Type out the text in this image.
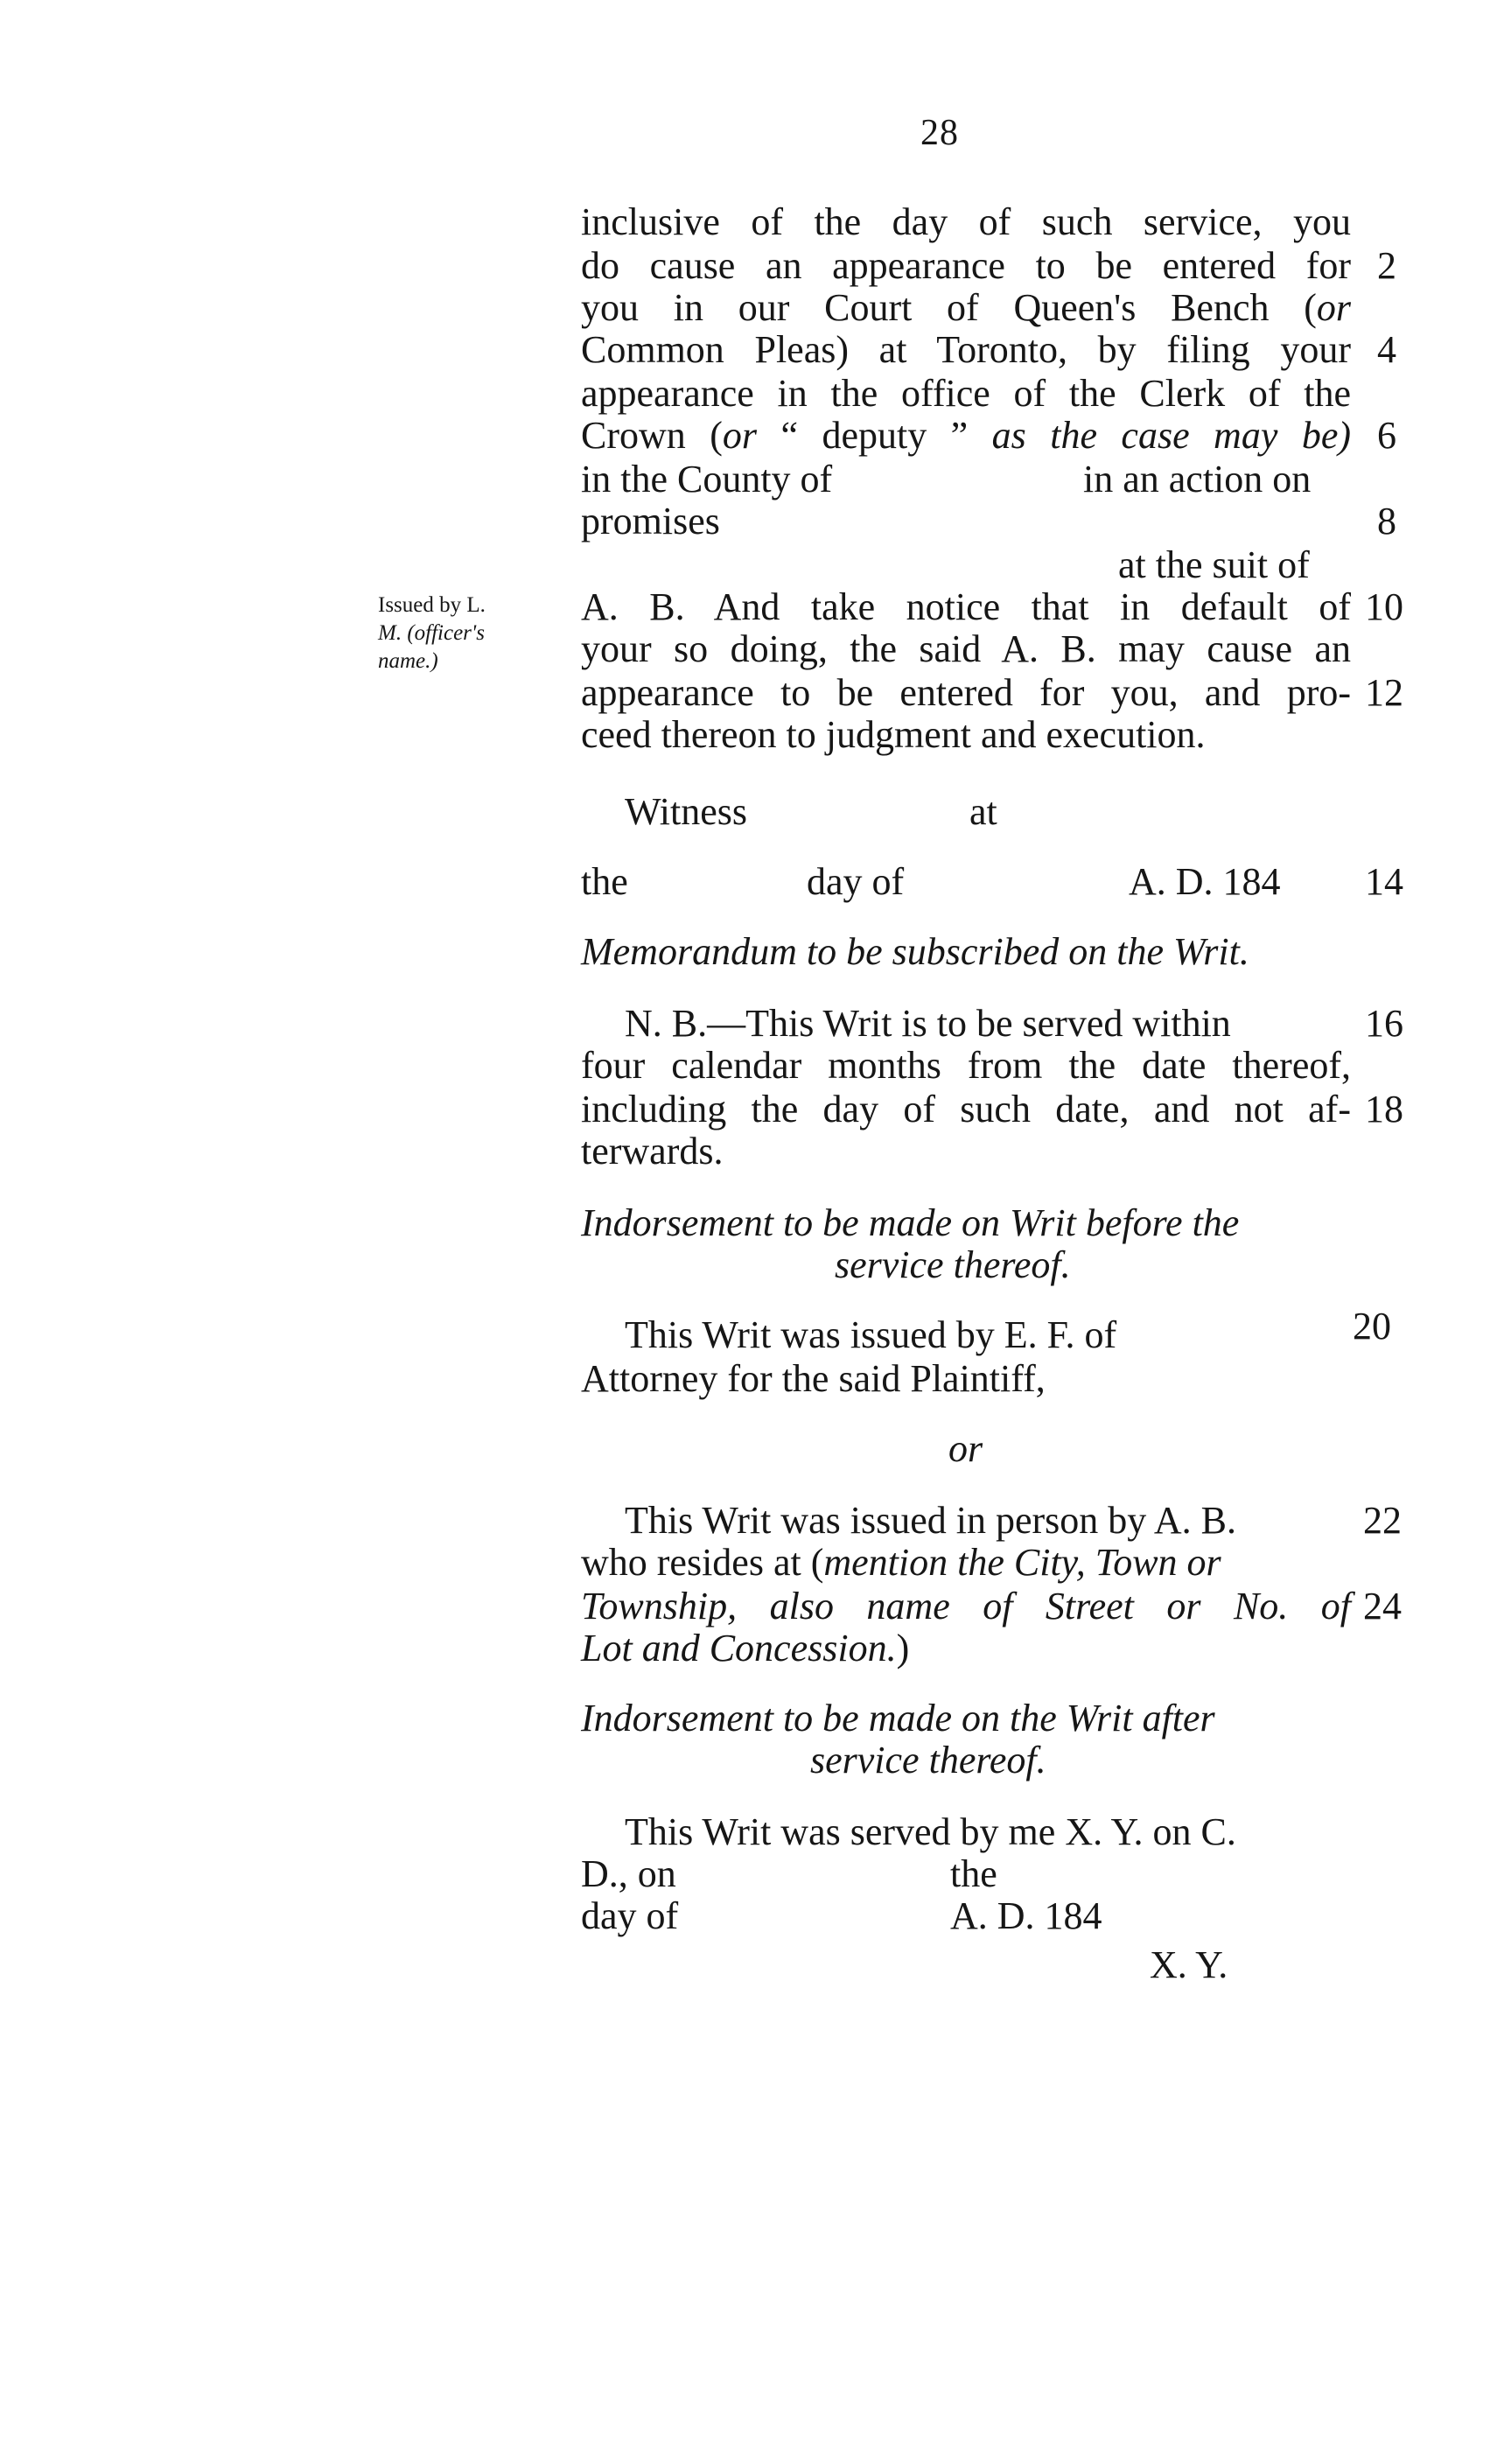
28
Issued by L.
M. (officer's
name.)
inclusive of the day of such service, you
do cause an appearance to be entered for
you in our Court of Queen's Bench (or
Common Pleas) at Toronto, by filing your
appearance in the office of the Clerk of the
Crown (or “ deputy ” as the case may be)
in the County of	in an action on
promises
at the suit of
A. B. And take notice that in default of
your so doing, the said A. B. may cause an
appearance to be entered for you, and pro-
ceed thereon to judgment and execution.
Witness	at
the	day of	A. D. 184
Memorandum to be subscribed on the Writ.
N. B.—This Writ is to be served within
four calendar months from the date thereof,
including the day of such date, and not af-
terwards.
Indorsement to be made on Writ before the
service thereof.
This Writ was issued by E. F. of
Attorney for the said Plaintiff,
or
This Writ was issued in person by A. B.
who resides at (mention the City, Town or
Township, also name of Street or No. of
Lot and Concession.)
Indorsement to be made on the Writ after
service thereof.
This Writ was served by me X. Y. on C.
D., on	the
day of	A. D. 184
X. Y.
2
4
6
8
10
12
14
16
18
20
22
24
